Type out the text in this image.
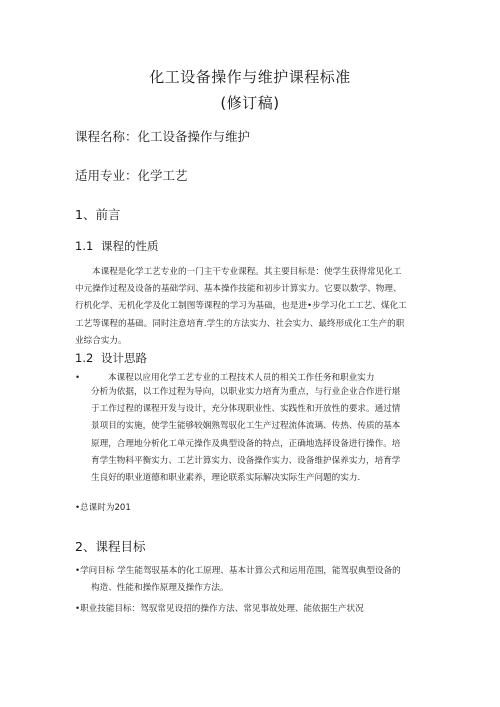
化工设备操作与维护课程标准
(修订稿)
课程名称：化工设备操作与维护
适用专业：化学工艺
1、前言
1.1 课程的性质
本课程是化学工艺专业的一门主干专业课程。其主要目标是：使学生获得常见化工
中元操作过程及设备的基础学问、基本操作技能和初步计算实力。它要以数学、物理、
行机化学、无机化学及化工制图等课程的学习为基础，也是进•步学习化工工艺、煤化工
工艺等课程的基础。同时注意培育.学生的方法实力、社会实力、最终形成化工生产的职
业综合实力。
1.2 设计思路
•	本课程以应用化学工艺专业的工程技术人员的相关工作任务和职业实力
分析为依据，以工作过程为导向，以职业实力培育为重点，与行业企业合作进行堪
于工作过程的课程开发与设计，充分体现职业性、实践性和开放性的要求。通过情
景项目的实施，使学生能够较娴熟驾驭化工生产过程流体流璃、传热、传质的基本
原理，合理地分析化工单元操作及典型设备的特点，正确地选择设备进行操作。培
育学生物料平衡实力、工艺计算实力、设备操作实力、设备维护保养实力，培育学
生良好的职业道德和职业素养，理论联系实际解决实际生产问题的实力.
•总课时为201
2、课程目标
•学问目标 学生能驾驭基本的化工原理、基本计算公式和运用范围，能驾驭典型设备的
构造、性能和操作原理及操作方法。
•职业技能目标：驾驭常见设招的操作方法、常见事故处理、能依据生产状况
